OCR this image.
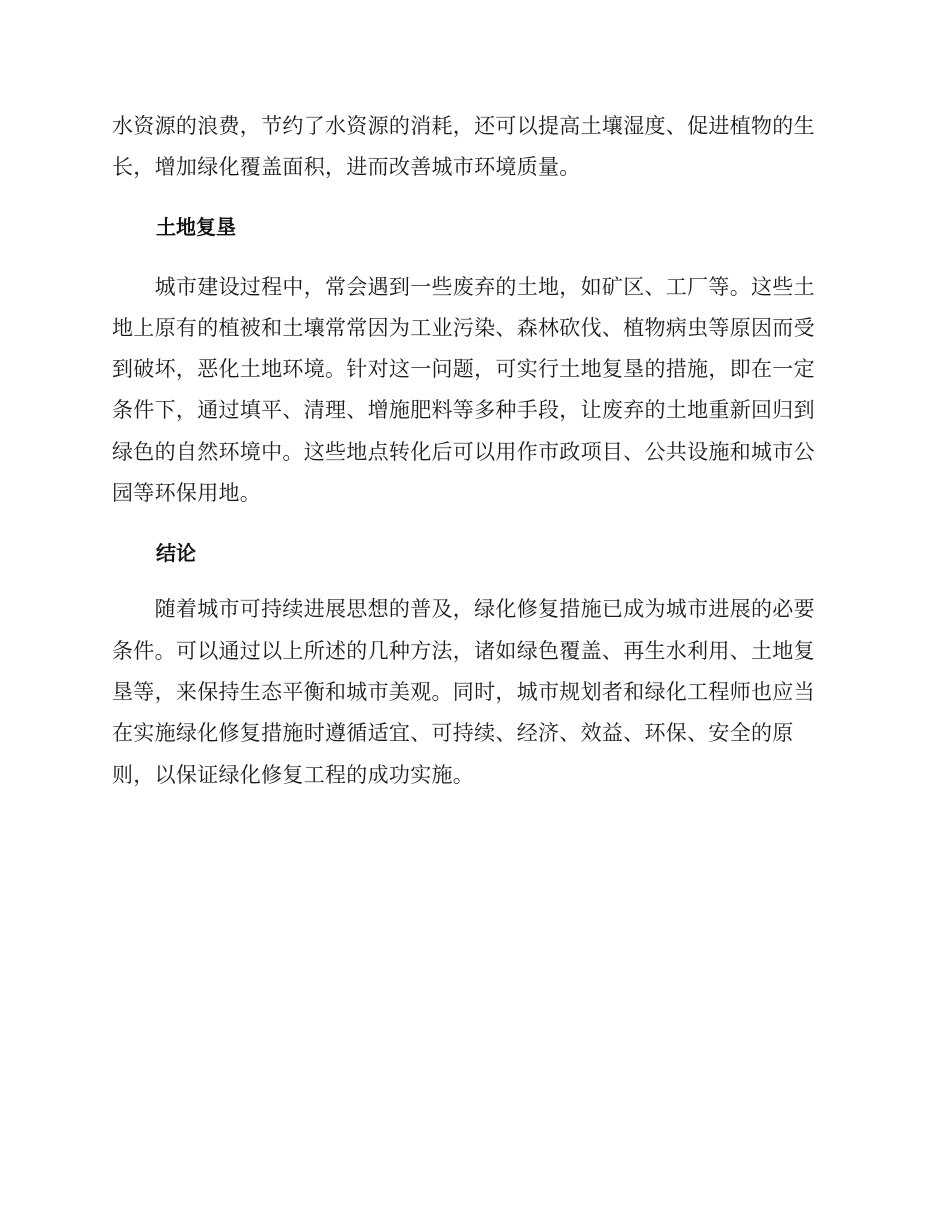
水资源的浪费，节约了水资源的消耗，还可以提高土壤湿度、促进植物的生
长，增加绿化覆盖面积，进而改善城市环境质量。
土地复垦
　　城市建设过程中，常会遇到一些废弃的土地，如矿区、工厂等。这些土
地上原有的植被和土壤常常因为工业污染、森林砍伐、植物病虫等原因而受
到破坏，恶化土地环境。针对这一问题，可实行土地复垦的措施，即在一定
条件下，通过填平、清理、增施肥料等多种手段，让废弃的土地重新回归到
绿色的自然环境中。这些地点转化后可以用作市政项目、公共设施和城市公
园等环保用地。
结论
　　随着城市可持续进展思想的普及，绿化修复措施已成为城市进展的必要
条件。可以通过以上所述的几种方法，诸如绿色覆盖、再生水利用、土地复
垦等，来保持生态平衡和城市美观。同时，城市规划者和绿化工程师也应当
在实施绿化修复措施时遵循适宜、可持续、经济、效益、环保、安全的原
则，以保证绿化修复工程的成功实施。
